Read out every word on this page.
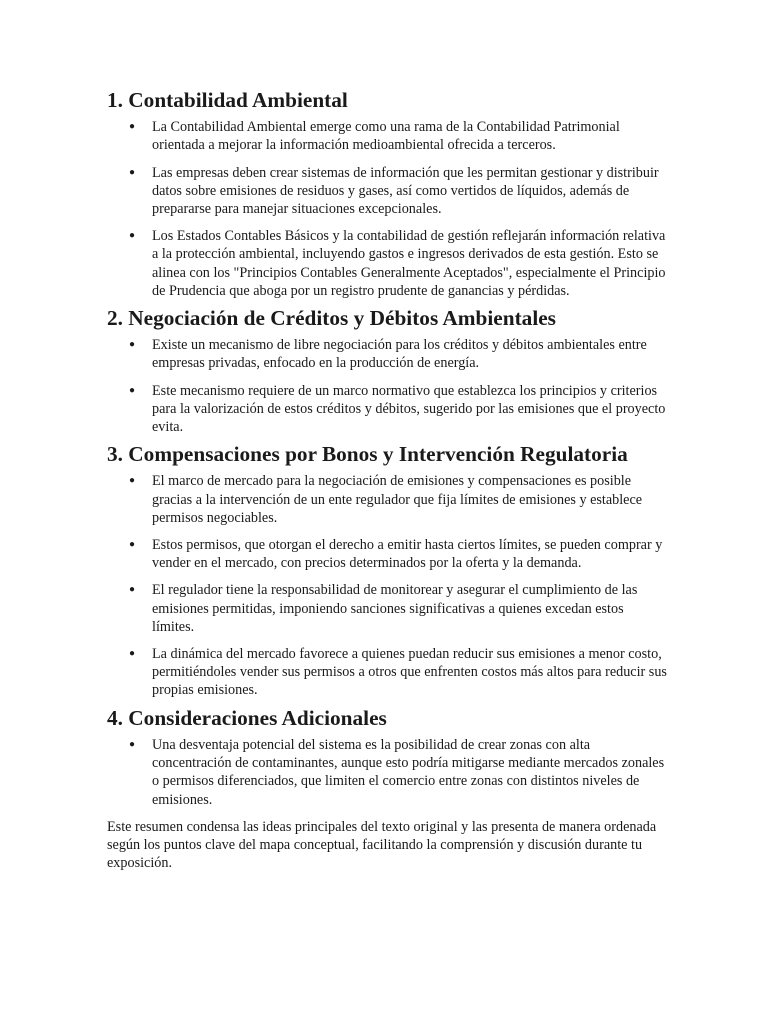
1. Contabilidad Ambiental
● La Contabilidad Ambiental emerge como una rama de la Contabilidad Patrimonial orientada a mejorar la información medioambiental ofrecida a terceros.
● Las empresas deben crear sistemas de información que les permitan gestionar y distribuir datos sobre emisiones de residuos y gases, así como vertidos de líquidos, además de prepararse para manejar situaciones excepcionales.
● Los Estados Contables Básicos y la contabilidad de gestión reflejarán información relativa a la protección ambiental, incluyendo gastos e ingresos derivados de esta gestión. Esto se alinea con los "Principios Contables Generalmente Aceptados", especialmente el Principio de Prudencia que aboga por un registro prudente de ganancias y pérdidas.
2. Negociación de Créditos y Débitos Ambientales
● Existe un mecanismo de libre negociación para los créditos y débitos ambientales entre empresas privadas, enfocado en la producción de energía.
● Este mecanismo requiere de un marco normativo que establezca los principios y criterios para la valorización de estos créditos y débitos, sugerido por las emisiones que el proyecto evita.
3. Compensaciones por Bonos y Intervención Regulatoria
● El marco de mercado para la negociación de emisiones y compensaciones es posible gracias a la intervención de un ente regulador que fija límites de emisiones y establece permisos negociables.
● Estos permisos, que otorgan el derecho a emitir hasta ciertos límites, se pueden comprar y vender en el mercado, con precios determinados por la oferta y la demanda.
● El regulador tiene la responsabilidad de monitorear y asegurar el cumplimiento de las emisiones permitidas, imponiendo sanciones significativas a quienes excedan estos límites.
● La dinámica del mercado favorece a quienes puedan reducir sus emisiones a menor costo, permitiéndoles vender sus permisos a otros que enfrenten costos más altos para reducir sus propias emisiones.
4. Consideraciones Adicionales
● Una desventaja potencial del sistema es la posibilidad de crear zonas con alta concentración de contaminantes, aunque esto podría mitigarse mediante mercados zonales o permisos diferenciados, que limiten el comercio entre zonas con distintos niveles de emisiones.

Este resumen condensa las ideas principales del texto original y las presenta de manera ordenada según los puntos clave del mapa conceptual, facilitando la comprensión y discusión durante tu exposición.
